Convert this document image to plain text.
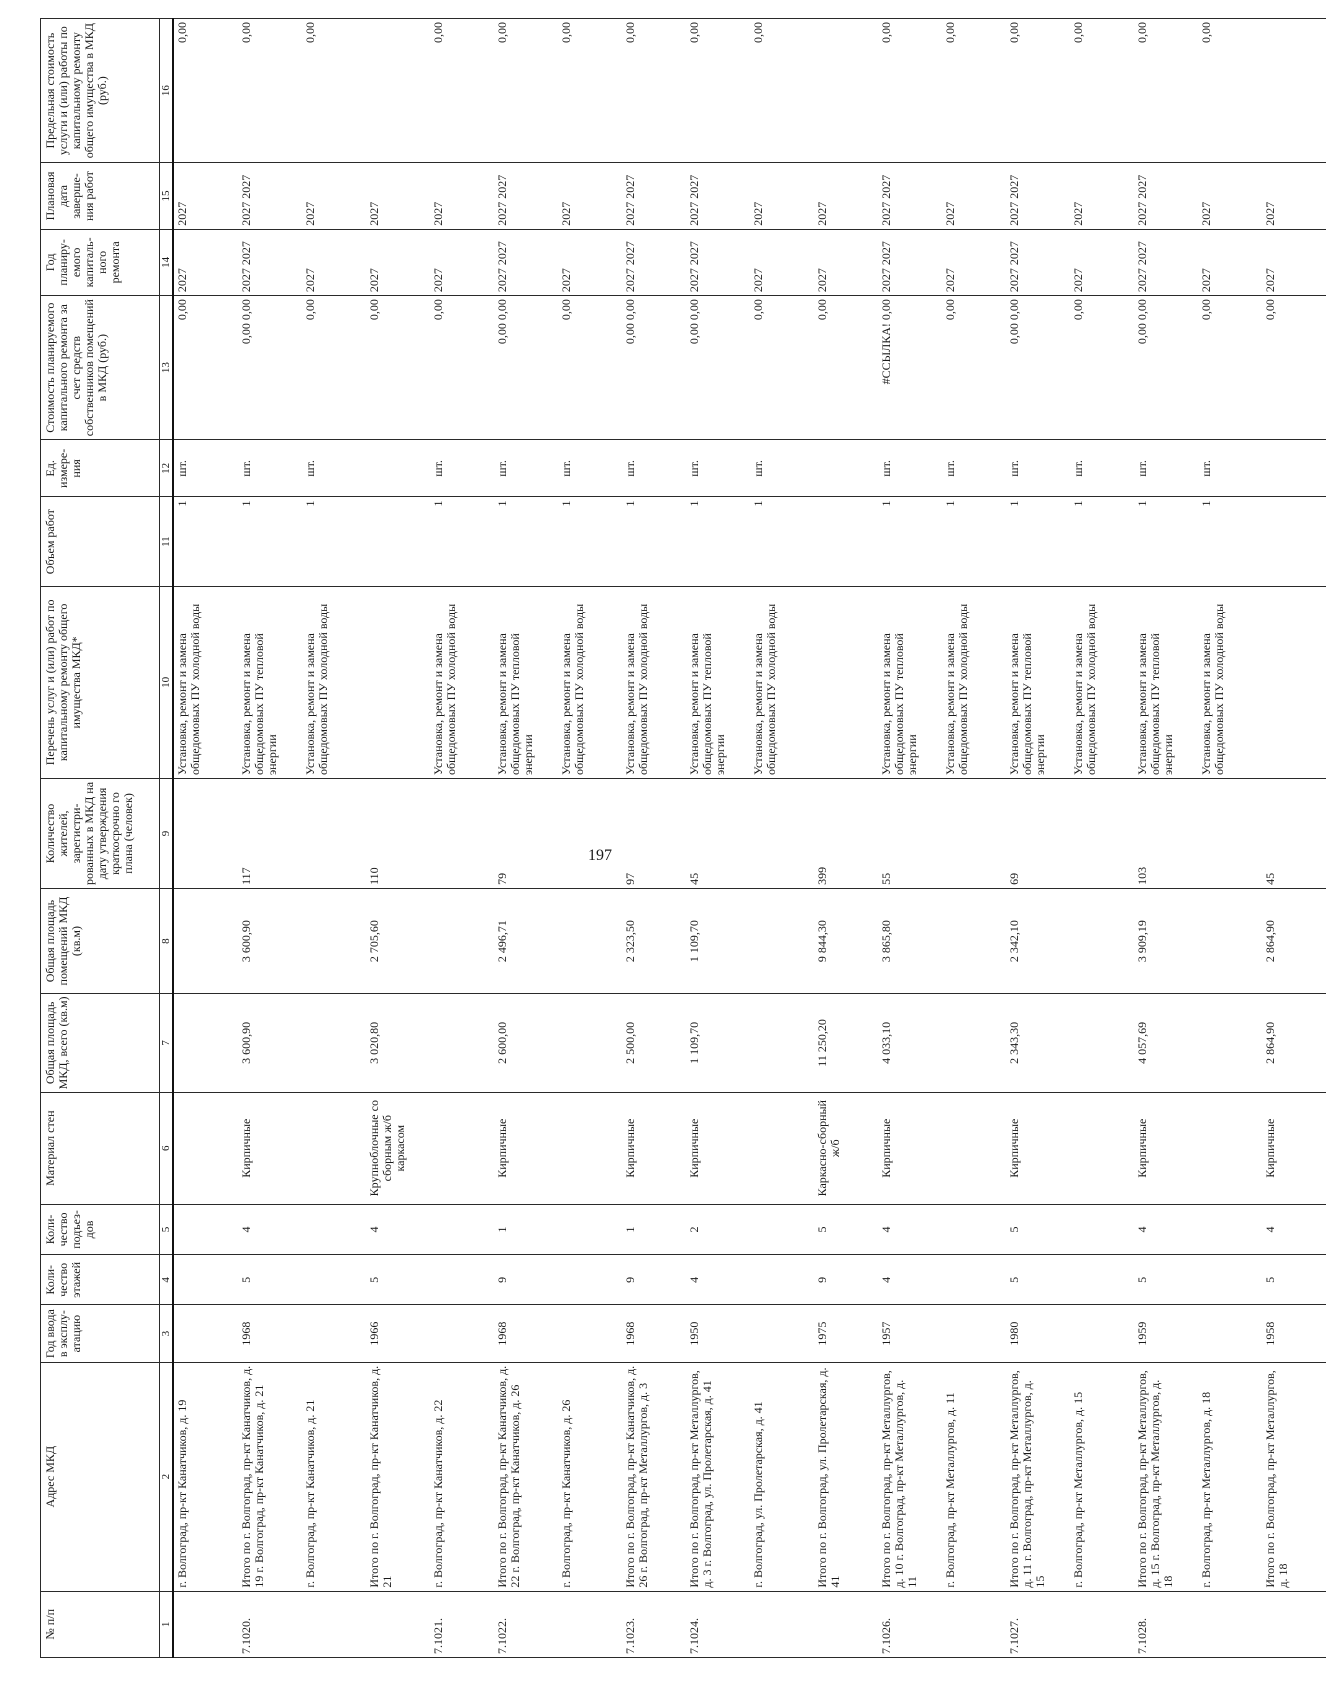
197
№ п/п	Адрес МКД	Год ввода в эксплу-атацию	Коли-чество этажей	Коли-чество подъез-дов	Материал стен	Общая площадь МКД, всего (кв.м)	Общая площадь помещений МКД (кв.м)	Количество жителей, зарегистри-рованных в МКД на дату утверждения краткосрочно го плана (человек)	Перечень услуг и (или) работ по капитальному ремонту общего имущества МКД*	Объем работ	Ед. измере-ния	Стоимость планируемого капитального ремонта за счет средств собственников помещений в МКД (руб.)	Год планиру-емого капиталь-ного ремонта	Плановая дата заверше-ния работ	Предельная стоимость услуги и (или) работы по капитальному ремонту общего имущества в МКД (руб.)
1	2	3	4	5	6	7	8	9	10	11	12	13	14	15	16
	г. Волгоград, пр-кт Канатчиков, д. 19								Установка, ремонт и замена общедомовых ПУ холодной воды	1	шт.	0,00	2027	2027	0,00
7.1020.	Итого по г. Волгоград, пр-кт Канатчиков, д. 19 г. Волгоград, пр-кт Канатчиков, д. 21	1968	5	4	Кирпичные	3 600,90	3 600,90	117	Установка, ремонт и замена общедомовых ПУ тепловой энергии	1	шт.	0,00 0,00	2027 2027	2027 2027	0,00
	г. Волгоград, пр-кт Канатчиков, д. 21								Установка, ремонт и замена общедомовых ПУ холодной воды	1	шт.	0,00	2027	2027	0,00
	Итого по г. Волгоград, пр-кт Канатчиков, д. 21	1966	5	4	Крупноблочные со сборным ж/б каркасом	3 020,80	2 705,60	110				0,00	2027	2027	
7.1021.	г. Волгоград, пр-кт Канатчиков, д. 22								Установка, ремонт и замена общедомовых ПУ холодной воды	1	шт.	0,00	2027	2027	0,00
7.1022.	Итого по г. Волгоград, пр-кт Канатчиков, д. 22 г. Волгоград, пр-кт Канатчиков, д. 26	1968	9	1	Кирпичные	2 600,00	2 496,71	79	Установка, ремонт и замена общедомовых ПУ тепловой энергии	1	шт.	0,00 0,00	2027 2027	2027 2027	0,00
	г. Волгоград, пр-кт Канатчиков, д. 26								Установка, ремонт и замена общедомовых ПУ холодной воды	1	шт.	0,00	2027	2027	0,00
7.1023.	Итого по г. Волгоград, пр-кт Канатчиков, д. 26 г. Волгоград, пр-кт Металлургов, д. 3	1968	9	1	Кирпичные	2 500,00	2 323,50	97	Установка, ремонт и замена общедомовых ПУ холодной воды	1	шт.	0,00 0,00	2027 2027	2027 2027	0,00
7.1024.	Итого по г. Волгоград, пр-кт Металлургов, д. 3 г. Волгоград, ул. Пролетарская, д. 41	1950	4	2	Кирпичные	1 109,70	1 109,70	45	Установка, ремонт и замена общедомовых ПУ тепловой энергии	1	шт.	0,00 0,00	2027 2027	2027 2027	0,00
	г. Волгоград, ул. Пролетарская, д. 41								Установка, ремонт и замена общедомовых ПУ холодной воды	1	шт.	0,00	2027	2027	0,00
	Итого по г. Волгоград, ул. Пролетарская, д. 41	1975	9	5	Каркасно-сборный ж/б	11 250,20	9 844,30	399				0,00	2027	2027	
7.1026.	Итого по г. Волгоград, пр-кт Металлургов, д. 10 г. Волгоград, пр-кт Металлургов, д. 11	1957	4	4	Кирпичные	4 033,10	3 865,80	55	Установка, ремонт и замена общедомовых ПУ тепловой энергии	1	шт.	#ССЫЛКА! 0,00	2027 2027	2027 2027	0,00
	г. Волгоград, пр-кт Металлургов, д. 11								Установка, ремонт и замена общедомовых ПУ холодной воды	1	шт.	0,00	2027	2027	0,00
7.1027.	Итого по г. Волгоград, пр-кт Металлургов, д. 11 г. Волгоград, пр-кт Металлургов, д. 15	1980	5	5	Кирпичные	2 343,30	2 342,10	69	Установка, ремонт и замена общедомовых ПУ тепловой энергии	1	шт.	0,00 0,00	2027 2027	2027 2027	0,00
	г. Волгоград, пр-кт Металлургов, д. 15								Установка, ремонт и замена общедомовых ПУ холодной воды	1	шт.	0,00	2027	2027	0,00
7.1028.	Итого по г. Волгоград, пр-кт Металлургов, д. 15 г. Волгоград, пр-кт Металлургов, д. 18	1959	5	4	Кирпичные	4 057,69	3 909,19	103	Установка, ремонт и замена общедомовых ПУ тепловой энергии	1	шт.	0,00 0,00	2027 2027	2027 2027	0,00
	г. Волгоград, пр-кт Металлургов, д. 18								Установка, ремонт и замена общедомовых ПУ холодной воды	1	шт.	0,00	2027	2027	0,00
	Итого по г. Волгоград, пр-кт Металлургов, д. 18	1958	5	4	Кирпичные	2 864,90	2 864,90	45				0,00	2027	2027	
